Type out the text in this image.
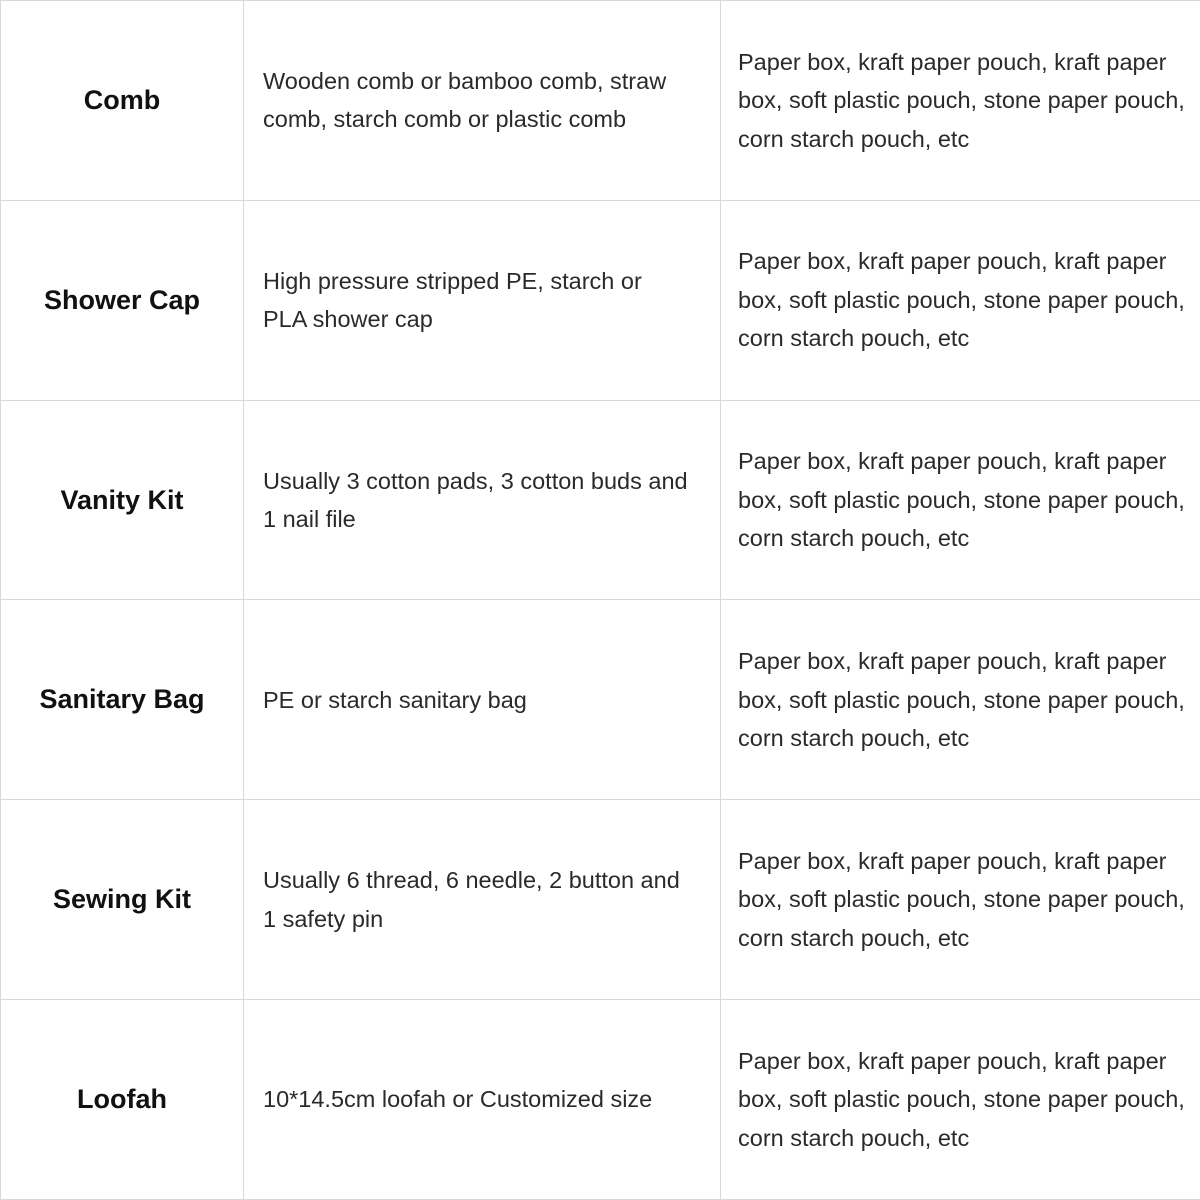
Comb	Wooden comb or bamboo comb, straw comb, starch comb or plastic comb	Paper box, kraft paper pouch, kraft paper box, soft plastic pouch, stone paper pouch, corn starch pouch, etc
Shower Cap	High pressure stripped PE, starch or PLA shower cap	Paper box, kraft paper pouch, kraft paper box, soft plastic pouch, stone paper pouch, corn starch pouch, etc
Vanity Kit	Usually 3 cotton pads, 3 cotton buds and 1 nail file	Paper box, kraft paper pouch, kraft paper box, soft plastic pouch, stone paper pouch, corn starch pouch, etc
Sanitary Bag	PE or starch sanitary bag	Paper box, kraft paper pouch, kraft paper box, soft plastic pouch, stone paper pouch, corn starch pouch, etc
Sewing Kit	Usually 6 thread, 6 needle, 2 button and 1 safety pin	Paper box, kraft paper pouch, kraft paper box, soft plastic pouch, stone paper pouch, corn starch pouch, etc
Loofah	10*14.5cm loofah or Customized size	Paper box, kraft paper pouch, kraft paper box, soft plastic pouch, stone paper pouch, corn starch pouch, etc
